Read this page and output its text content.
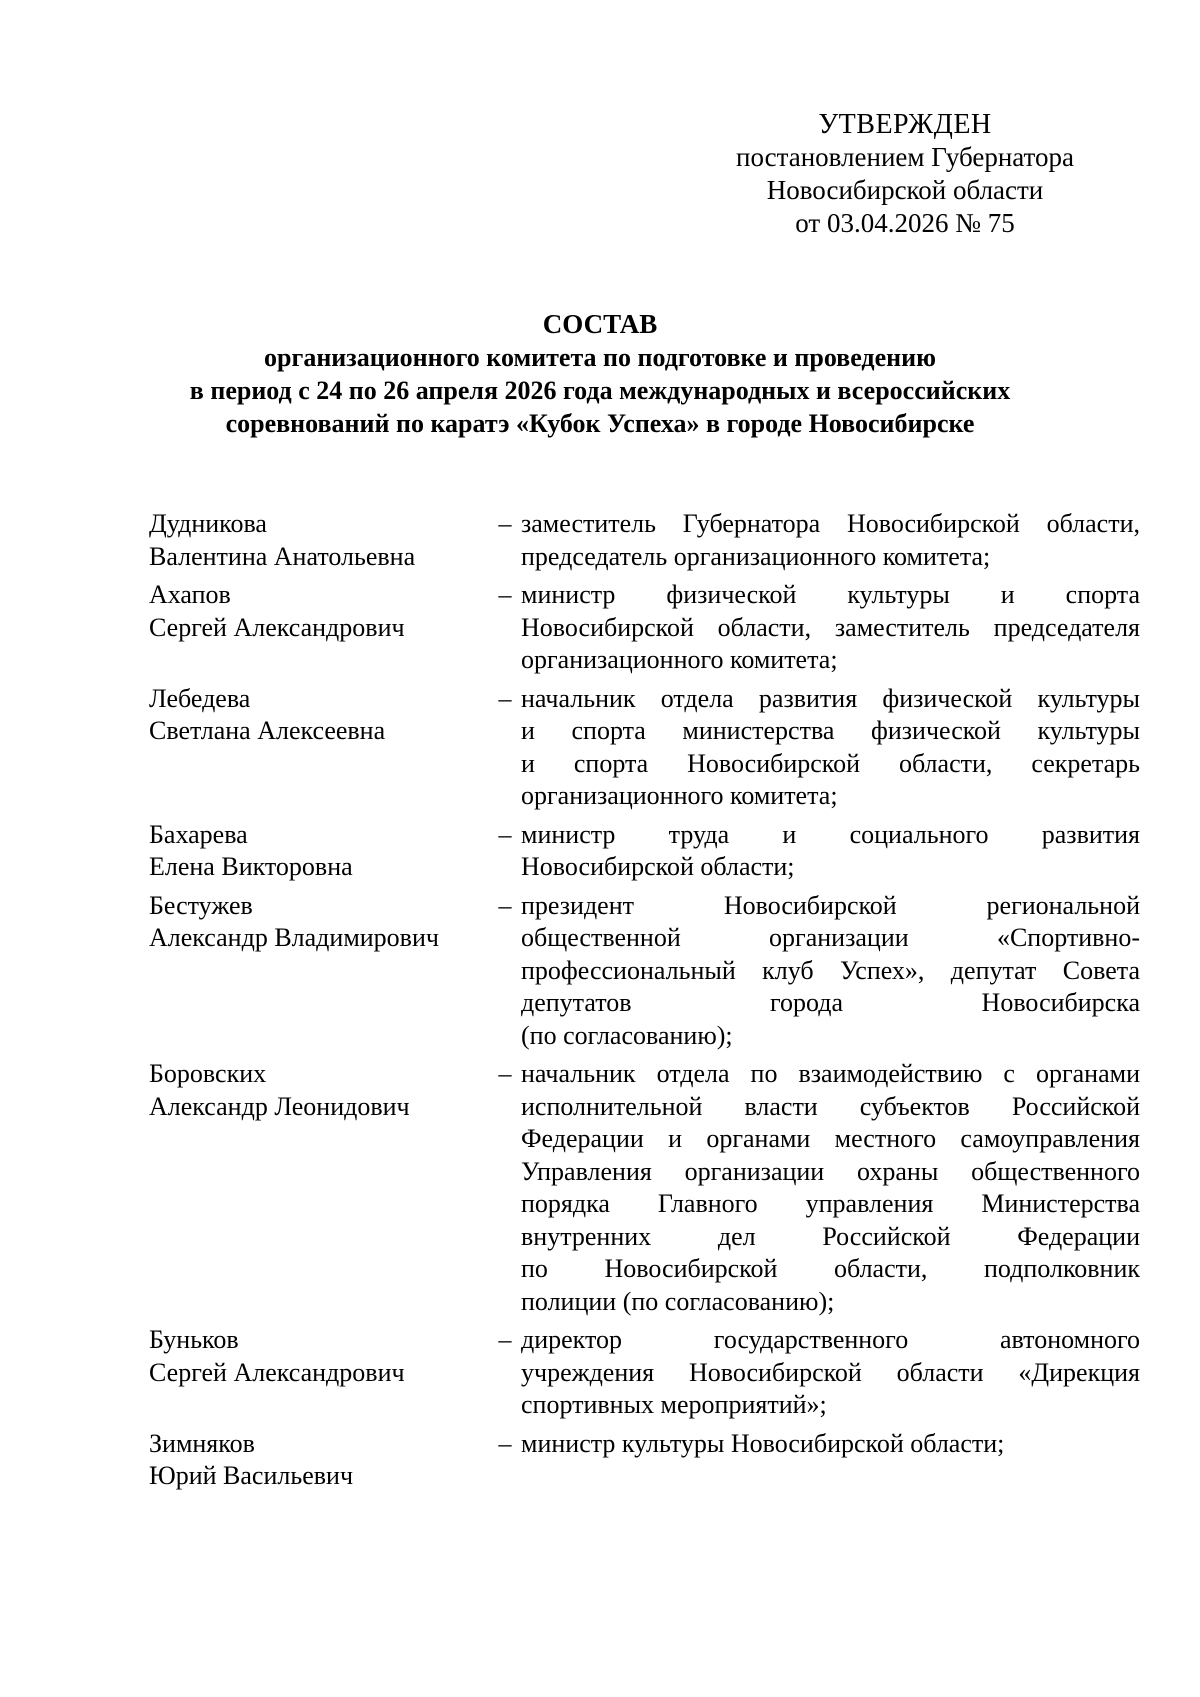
УТВЕРЖДЕН
постановлением Губернатора
Новосибирской области
от 03.04.2026 № 75
СОСТАВ
организационного комитета по подготовке и проведению
в период с 24 по 26 апреля 2026 года международных и всероссийских
соревнований по каратэ «Кубок Успеха» в городе Новосибирске
Дудникова
Валентина Анатольевна
– заместитель Губернатора Новосибирской области,
председатель организационного комитета;
Ахапов
Сергей Александрович
– министр физической культуры и спорта
Новосибирской области, заместитель председателя
организационного комитета;
Лебедева
Светлана Алексеевна
– начальник отдела развития физической культуры
и спорта министерства физической культуры
и спорта Новосибирской области, секретарь
организационного комитета;
Бахарева
Елена Викторовна
– министр труда и социального развития
Новосибирской области;
Бестужев
Александр Владимирович
– президент Новосибирской региональной
общественной организации «Спортивно-
профессиональный клуб Успех», депутат Совета
депутатов города Новосибирска
(по согласованию);
Боровских
Александр Леонидович
– начальник отдела по взаимодействию с органами
исполнительной власти субъектов Российской
Федерации и органами местного самоуправления
Управления организации охраны общественного
порядка Главного управления Министерства
внутренних дел Российской Федерации
по Новосибирской области, подполковник
полиции (по согласованию);
Буньков
Сергей Александрович
– директор государственного автономного
учреждения Новосибирской области «Дирекция
спортивных мероприятий»;
Зимняков
Юрий Васильевич
– министр культуры Новосибирской области;
